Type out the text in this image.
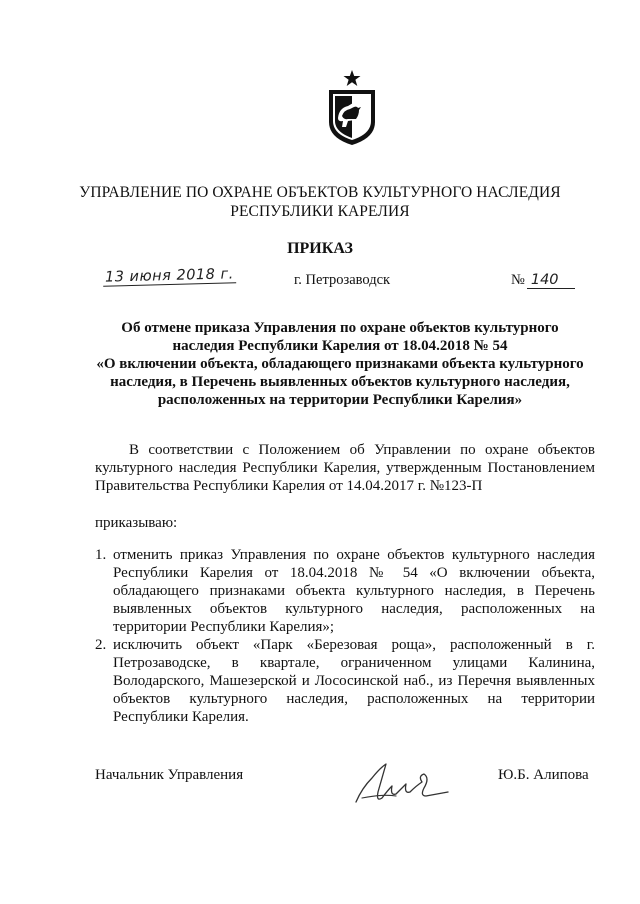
УПРАВЛЕНИЕ ПО ОХРАНЕ ОБЪЕКТОВ КУЛЬТУРНОГО НАСЛЕДИЯ
РЕСПУБЛИКИ КАРЕЛИЯ
ПРИКАЗ
13 июня 2018 г.	г. Петрозаводск	№ 140
Об отмене приказа Управления по охране объектов культурного
наследия Республики Карелия от 18.04.2018 № 54
«О включении объекта, обладающего признаками объекта культурного
наследия, в Перечень выявленных объектов культурного наследия,
расположенных на территории Республики Карелия»
В соответствии с Положением об Управлении по охране объектов культурного наследия Республики Карелия, утвержденным Постановлением Правительства Республики Карелия от 14.04.2017 г. №123-П
приказываю:
1. отменить приказ Управления по охране объектов культурного наследия Республики Карелия от 18.04.2018 № 54 «О включении объекта, обладающего признаками объекта культурного наследия, в Перечень выявленных объектов культурного наследия, расположенных на территории Республики Карелия»;
2. исключить объект «Парк «Березовая роща», расположенный в г. Петрозаводске, в квартале, ограниченном улицами Калинина, Володарского, Машезерской и Лососинской наб., из Перечня выявленных объектов культурного наследия, расположенных на территории Республики Карелия.
Начальник Управления	Ю.Б. Алипова
